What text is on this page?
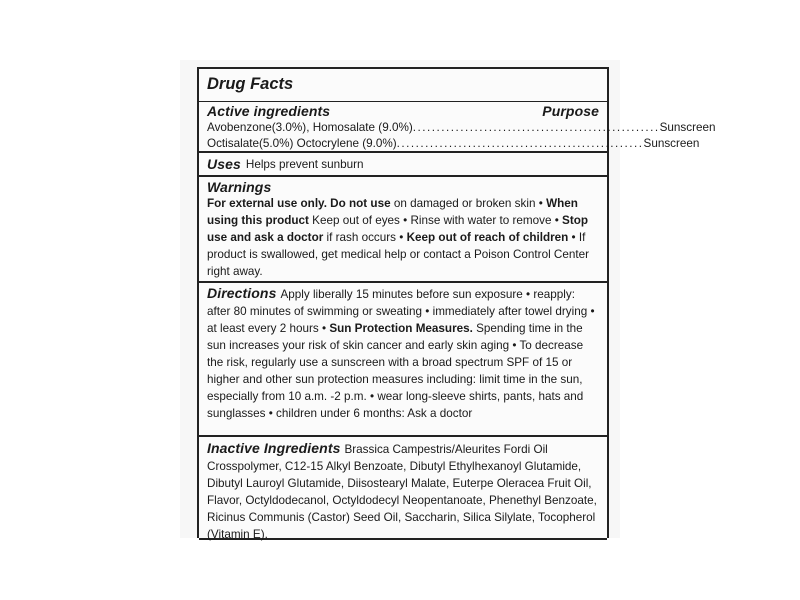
Drug Facts
Active ingredients	Purpose
Avobenzone(3.0%), Homosalate (9.0%) .................................................... Sunscreen
Octisalate(5.0%) Octocrylene (9.0%) .................................................... Sunscreen
Uses Helps prevent sunburn
Warnings
For external use only. Do not use on damaged or broken skin • When using this product Keep out of eyes • Rinse with water to remove • Stop use and ask a doctor if rash occurs • Keep out of reach of children • If product is swallowed, get medical help or contact a Poison Control Center right away.
Directions Apply liberally 15 minutes before sun exposure • reapply: after 80 minutes of swimming or sweating • immediately after towel drying • at least every 2 hours • Sun Protection Measures. Spending time in the sun increases your risk of skin cancer and early skin aging • To decrease the risk, regularly use a sunscreen with a broad spectrum SPF of 15 or higher and other sun protection measures including: limit time in the sun, especially from 10 a.m. -2 p.m. • wear long-sleeve shirts, pants, hats and sunglasses • children under 6 months: Ask a doctor
Inactive Ingredients Brassica Campestris/Aleurites Fordi Oil Crosspolymer, C12-15 Alkyl Benzoate, Dibutyl Ethylhexanoyl Glutamide, Dibutyl Lauroyl Glutamide, Diisostearyl Malate, Euterpe Oleracea Fruit Oil, Flavor, Octyldodecanol, Octyldodecyl Neopentanoate, Phenethyl Benzoate, Ricinus Communis (Castor) Seed Oil, Saccharin, Silica Silylate, Tocopherol (Vitamin E).
